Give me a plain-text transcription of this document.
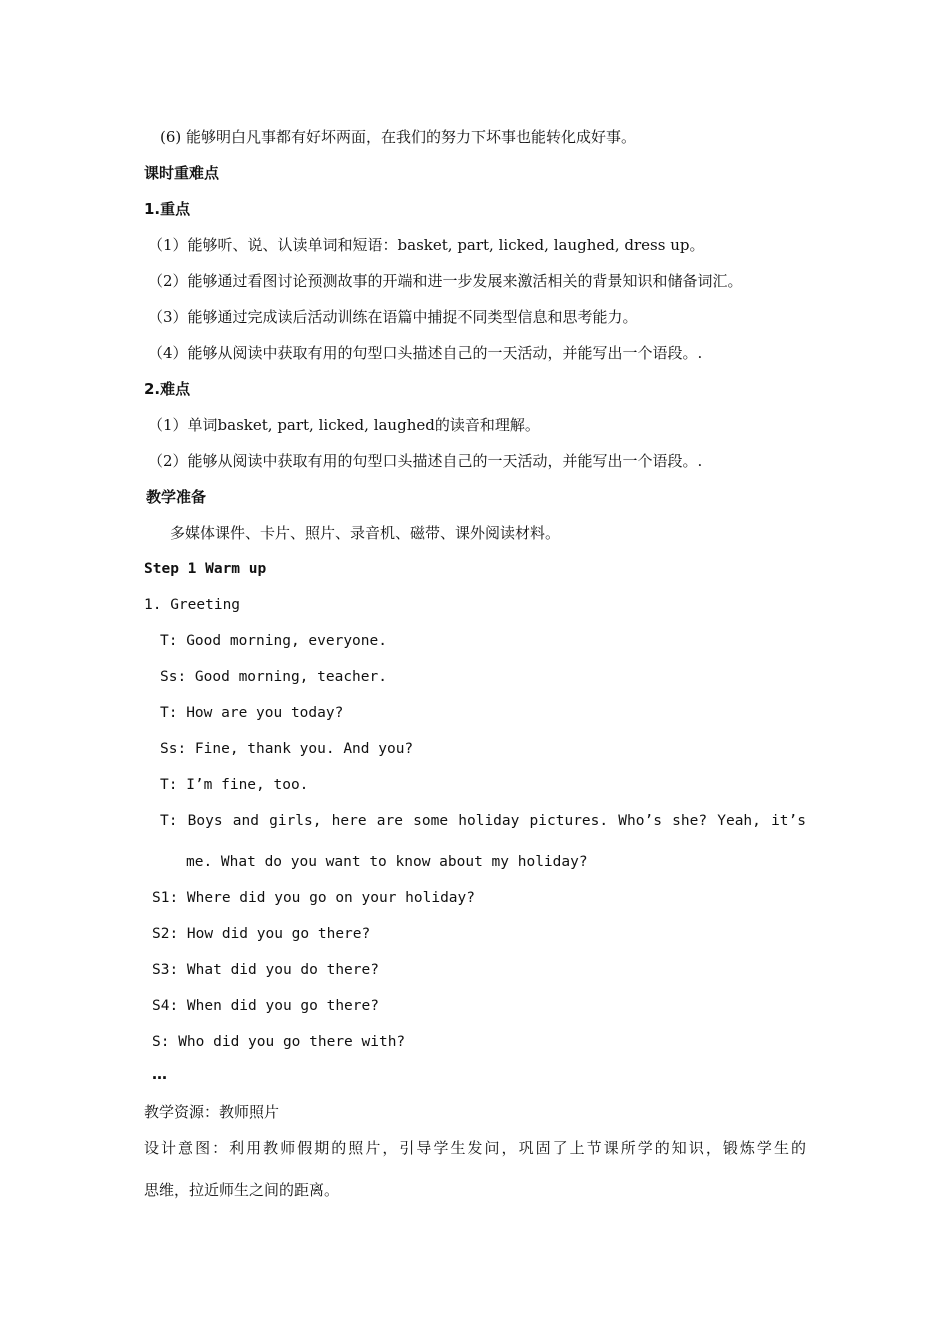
(6) 能够明白凡事都有好坏两面，在我们的努力下坏事也能转化成好事。
课时重难点
1.重点
（1）能够听、说、认读单词和短语：basket, part, licked, laughed, dress up。
（2）能够通过看图讨论预测故事的开端和进一步发展来激活相关的背景知识和储备词汇。
（3）能够通过完成读后活动训练在语篇中捕捉不同类型信息和思考能力。
（4）能够从阅读中获取有用的句型口头描述自己的一天活动，并能写出一个语段。.
2.难点
（1）单词basket, part, licked, laughed的读音和理解。
（2）能够从阅读中获取有用的句型口头描述自己的一天活动，并能写出一个语段。.
教学准备
多媒体课件、卡片、照片、录音机、磁带、课外阅读材料。
Step 1 Warm up
1. Greeting
T: Good morning, everyone.
Ss: Good morning, teacher.
T: How are you today?
Ss: Fine, thank you. And you?
T: I’m fine, too.
T: Boys and girls, here are some holiday pictures. Who’s she? Yeah, it’s
me. What do you want to know about my holiday?
S1: Where did you go on your holiday?
S2: How did you go there?
S3: What did you do there?
S4: When did you go there?
S: Who did you go there with?
…
教学资源：教师照片
设计意图：利用教师假期的照片，引导学生发问，巩固了上节课所学的知识，锻炼学生的
思维，拉近师生之间的距离。
